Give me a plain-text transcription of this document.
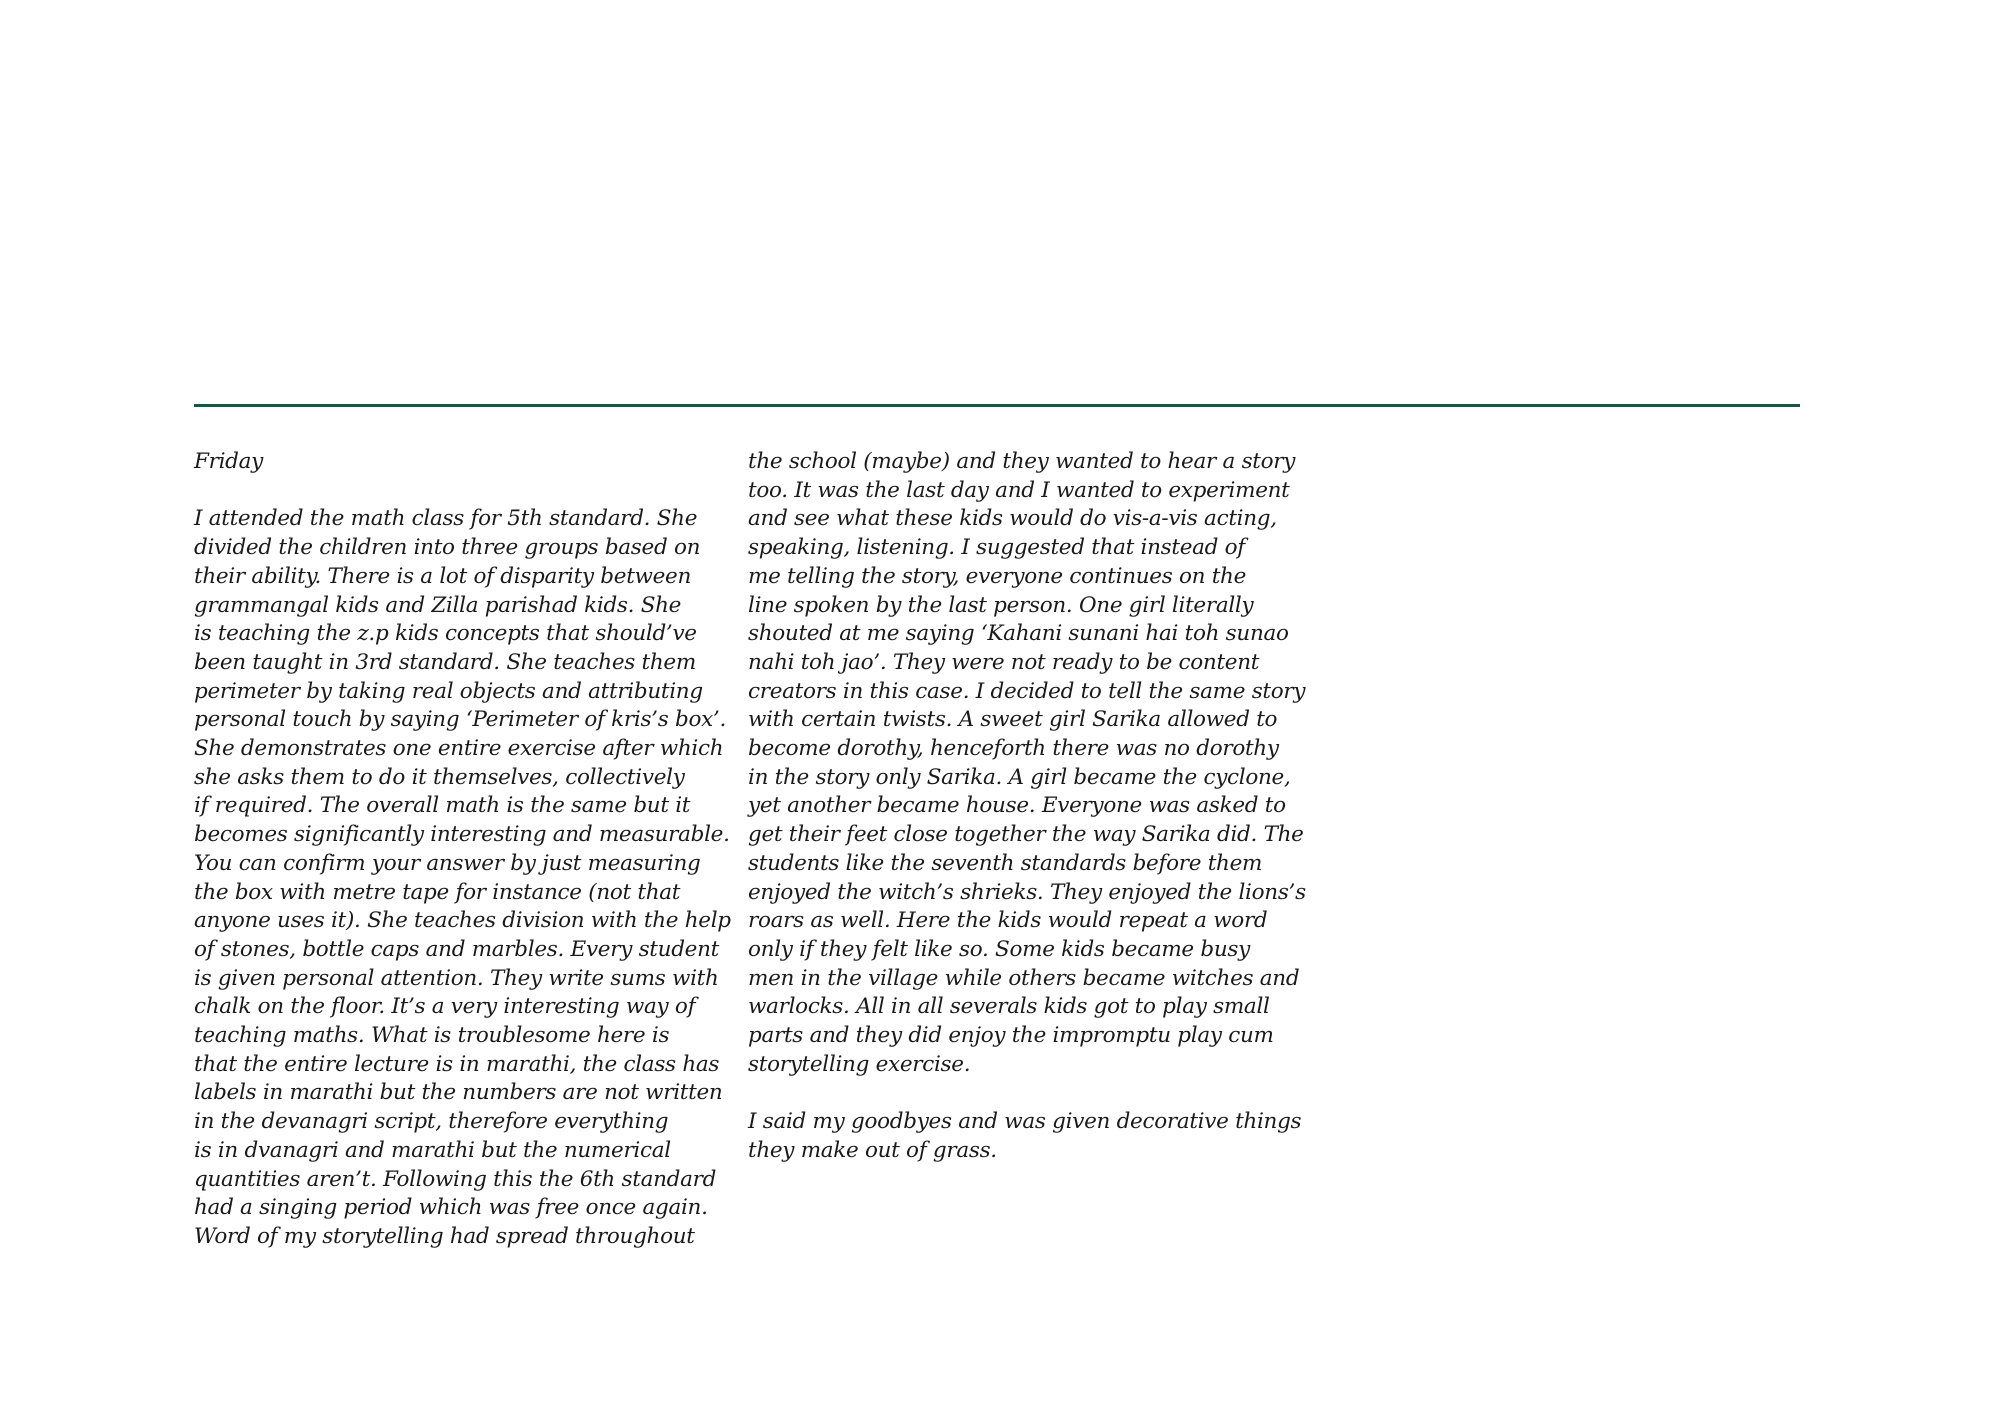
Friday
I attended the math class for 5th standard. She
divided the children into three groups based on
their ability. There is a lot of disparity between
grammangal kids and Zilla parishad kids. She
is teaching the z.p kids concepts that should’ve
been taught in 3rd standard. She teaches them
perimeter by taking real objects and attributing
personal touch by saying ‘Perimeter of kris’s box’.
She demonstrates one entire exercise after which
she asks them to do it themselves, collectively
if required. The overall math is the same but it
becomes significantly interesting and measurable.
You can confirm your answer by just measuring
the box with metre tape for instance (not that
anyone uses it). She teaches division with the help
of stones, bottle caps and marbles. Every student
is given personal attention. They write sums with
chalk on the floor. It’s a very interesting way of
teaching maths. What is troublesome here is
that the entire lecture is in marathi, the class has
labels in marathi but the numbers are not written
in the devanagri script, therefore everything
is in dvanagri and marathi but the numerical
quantities aren’t. Following this the 6th standard
had a singing period which was free once again.
Word of my storytelling had spread throughout
the school (maybe) and they wanted to hear a story
too. It was the last day and I wanted to experiment
and see what these kids would do vis-a-vis acting,
speaking, listening. I suggested that instead of
me telling the story, everyone continues on the
line spoken by the last person. One girl literally
shouted at me saying ‘Kahani sunani hai toh sunao
nahi toh jao’. They were not ready to be content
creators in this case. I decided to tell the same story
with certain twists. A sweet girl Sarika allowed to
become dorothy, henceforth there was no dorothy
in the story only Sarika. A girl became the cyclone,
yet another became house. Everyone was asked to
get their feet close together the way Sarika did. The
students like the seventh standards before them
enjoyed the witch’s shrieks. They enjoyed the lions’s
roars as well. Here the kids would repeat a word
only if they felt like so. Some kids became busy
men in the village while others became witches and
warlocks. All in all severals kids got to play small
parts and they did enjoy the impromptu play cum
storytelling exercise.
I said my goodbyes and was given decorative things
they make out of grass.
